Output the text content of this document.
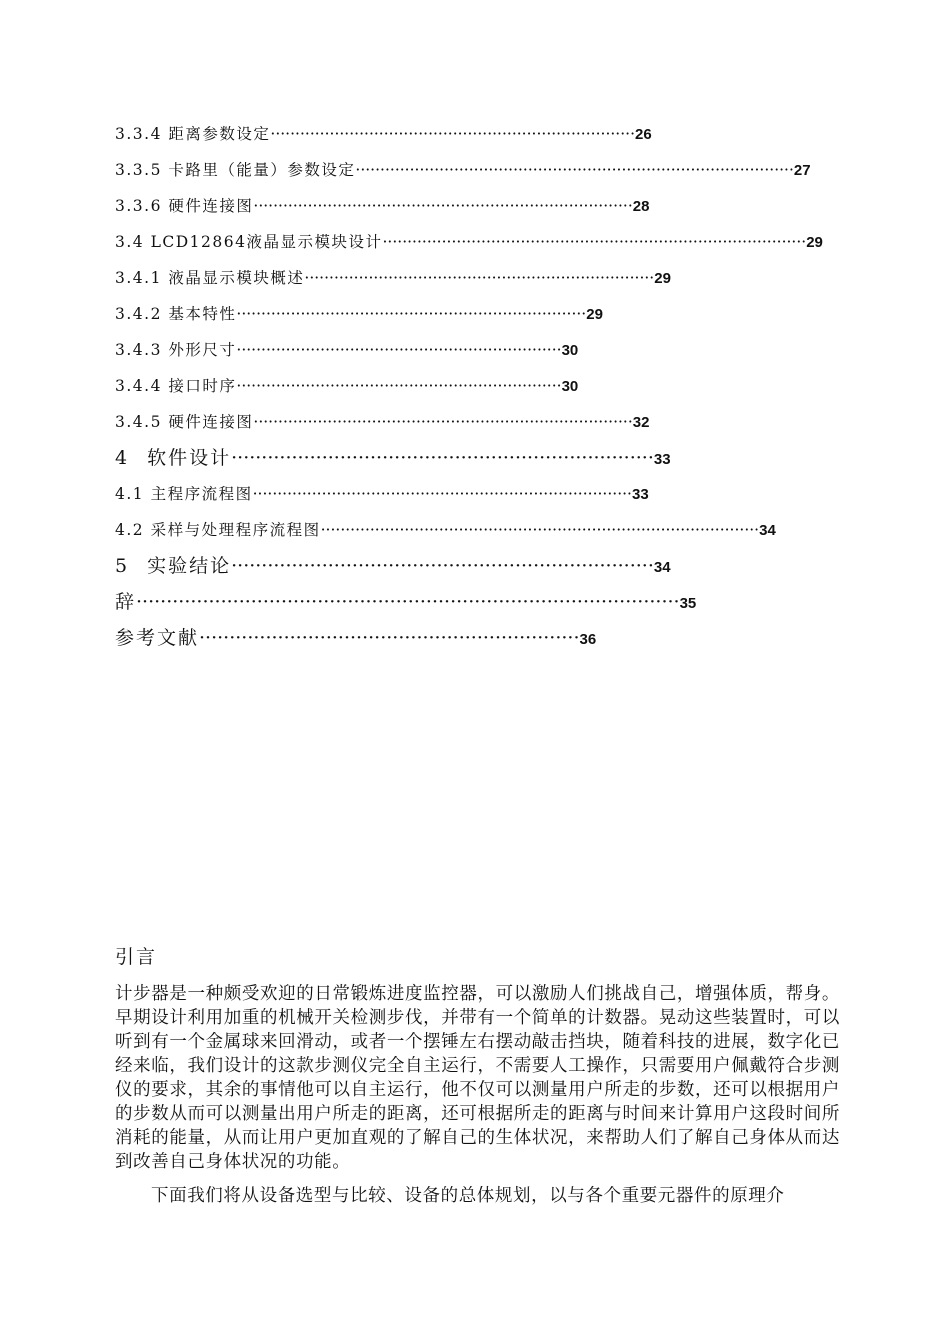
3.3.4 距离参数设定··········································································26
3.3.5 卡路里（能量）参数设定·························································································27
3.3.6 硬件连接图·············································································28
3.4 LCD12864液晶显示模块设计······················································································29
3.4.1 液晶显示模块概述·······································································29
3.4.2 基本特性·······································································29
3.4.3 外形尺寸··································································30
3.4.4 接口时序··································································30
3.4.5 硬件连接图·············································································32
4 软件设计······································································33
4.1 主程序流程图·············································································33
4.2 采样与处理程序流程图·························································································34
5 实验结论······································································34
辞··························································································35
参考文献·······························································36
引言

计步器是一种颇受欢迎的日常锻炼进度监控器，可以激励人们挑战自己，增强体质，帮身。早期设计利用加重的机械开关检测步伐，并带有一个简单的计数器。晃动这些装置时，可以听到有一个金属球来回滑动，或者一个摆锤左右摆动敲击挡块，随着科技的进展，数字化已经来临，我们设计的这款步测仪完全自主运行，不需要人工操作，只需要用户佩戴符合步测仪的要求，其余的事情他可以自主运行，他不仅可以测量用户所走的步数，还可以根据用户的步数从而可以测量出用户所走的距离，还可根据所走的距离与时间来计算用户这段时间所消耗的能量，从而让用户更加直观的了解自己的生体状况，来帮助人们了解自己身体从而达到改善自己身体状况的功能。

下面我们将从设备选型与比较、设备的总体规划，以与各个重要元器件的原理介
